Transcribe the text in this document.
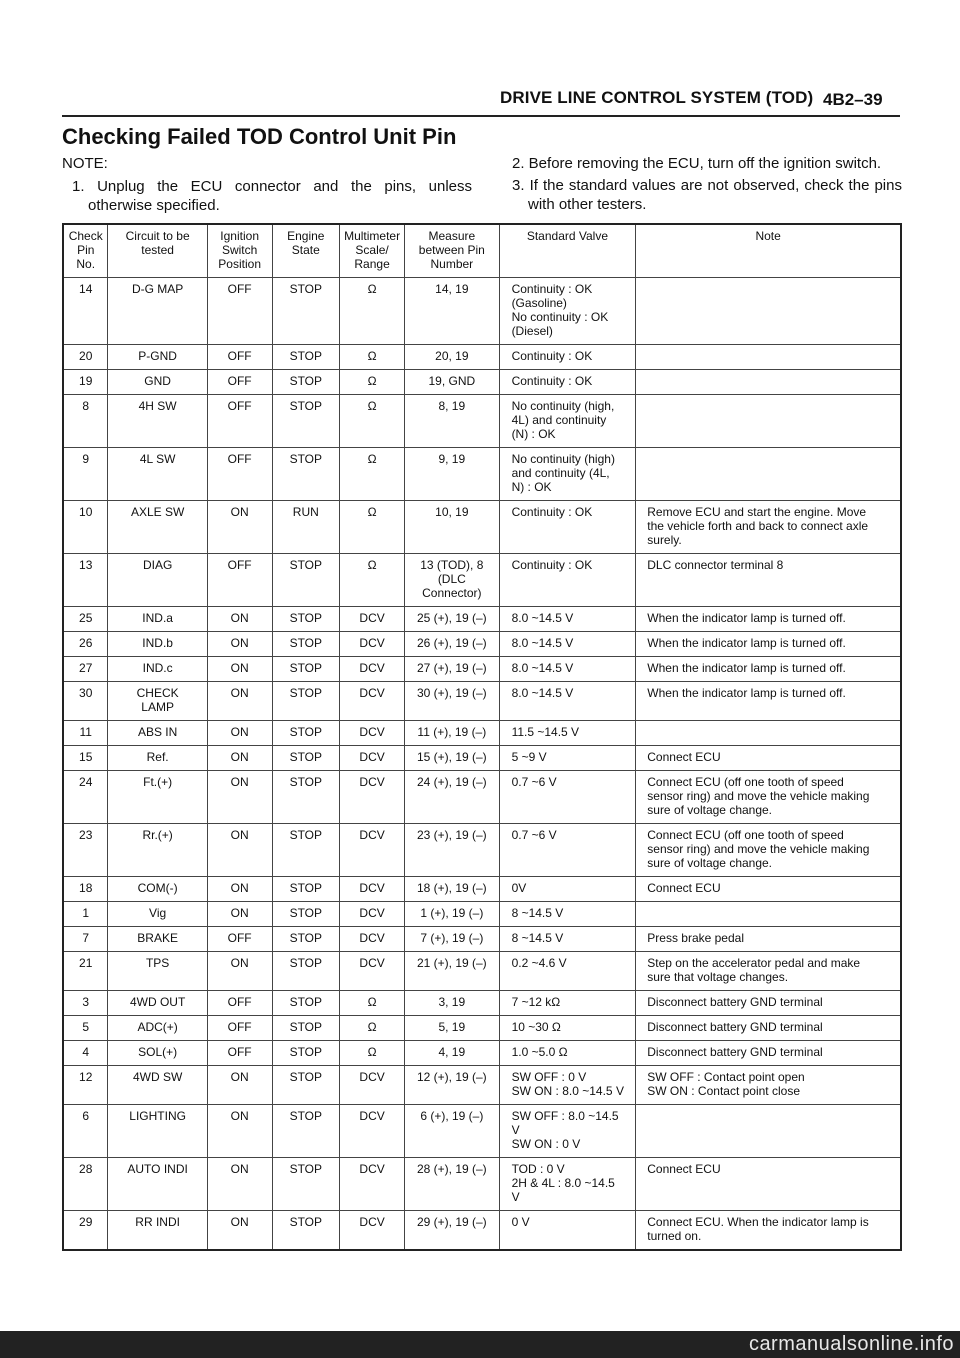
DRIVE LINE CONTROL SYSTEM (TOD) 4B2–39
Checking Failed TOD Control Unit Pin
NOTE:
1. Unplug the ECU connector and the pins, unless otherwise specified.
2. Before removing the ECU, turn off the ignition switch.
3. If the standard values are not observed, check the pins with other testers.
Check
Pin
No.	Circuit to be
tested	Ignition
Switch
Position	Engine
State	Multimeter
Scale/
Range	Measure
between Pin
Number	Standard Valve	Note
14	D-G MAP	OFF	STOP	Ω	14, 19	Continuity : OK
(Gasoline)
No continuity : OK
(Diesel)	
20	P-GND	OFF	STOP	Ω	20, 19	Continuity : OK	
19	GND	OFF	STOP	Ω	19, GND	Continuity : OK	
8	4H SW	OFF	STOP	Ω	8, 19	No continuity (high,
4L) and continuity
(N) : OK	
9	4L SW	OFF	STOP	Ω	9, 19	No continuity (high)
and continuity (4L,
N) : OK	
10	AXLE SW	ON	RUN	Ω	10, 19	Continuity : OK	Remove ECU and start the engine. Move
the vehicle forth and back to connect axle
surely.
13	DIAG	OFF	STOP	Ω	13 (TOD), 8
(DLC
Connector)	Continuity : OK	DLC connector terminal 8
25	IND.a	ON	STOP	DCV	25 (+), 19 (–)	8.0 ~14.5 V	When the indicator lamp is turned off.
26	IND.b	ON	STOP	DCV	26 (+), 19 (–)	8.0 ~14.5 V	When the indicator lamp is turned off.
27	IND.c	ON	STOP	DCV	27 (+), 19 (–)	8.0 ~14.5 V	When the indicator lamp is turned off.
30	CHECK
LAMP	ON	STOP	DCV	30 (+), 19 (–)	8.0 ~14.5 V	When the indicator lamp is turned off.
11	ABS IN	ON	STOP	DCV	11 (+), 19 (–)	11.5 ~14.5 V	
15	Ref.	ON	STOP	DCV	15 (+), 19 (–)	5 ~9 V	Connect ECU
24	Ft.(+)	ON	STOP	DCV	24 (+), 19 (–)	0.7 ~6 V	Connect ECU (off one tooth of speed
sensor ring) and move the vehicle making
sure of voltage change.
23	Rr.(+)	ON	STOP	DCV	23 (+), 19 (–)	0.7 ~6 V	Connect ECU (off one tooth of speed
sensor ring) and move the vehicle making
sure of voltage change.
18	COM(-)	ON	STOP	DCV	18 (+), 19 (–)	0V	Connect ECU
1	Vig	ON	STOP	DCV	1 (+), 19 (–)	8 ~14.5 V	
7	BRAKE	OFF	STOP	DCV	7 (+), 19 (–)	8 ~14.5 V	Press brake pedal
21	TPS	ON	STOP	DCV	21 (+), 19 (–)	0.2 ~4.6 V	Step on the accelerator pedal and make
sure that voltage changes.
3	4WD OUT	OFF	STOP	Ω	3, 19	7 ~12 kΩ	Disconnect battery GND terminal
5	ADC(+)	OFF	STOP	Ω	5, 19	10 ~30 Ω	Disconnect battery GND terminal
4	SOL(+)	OFF	STOP	Ω	4, 19	1.0 ~5.0 Ω	Disconnect battery GND terminal
12	4WD SW	ON	STOP	DCV	12 (+), 19 (–)	SW OFF : 0 V
SW ON : 8.0 ~14.5 V	SW OFF : Contact point open
SW ON : Contact point close
6	LIGHTING	ON	STOP	DCV	6 (+), 19 (–)	SW OFF : 8.0 ~14.5
V
SW ON : 0 V	
28	AUTO INDI	ON	STOP	DCV	28 (+), 19 (–)	TOD : 0 V
2H & 4L : 8.0 ~14.5
V	Connect ECU
29	RR INDI	ON	STOP	DCV	29 (+), 19 (–)	0 V	Connect ECU. When the indicator lamp is
turned on.
carmanualsonline.info
